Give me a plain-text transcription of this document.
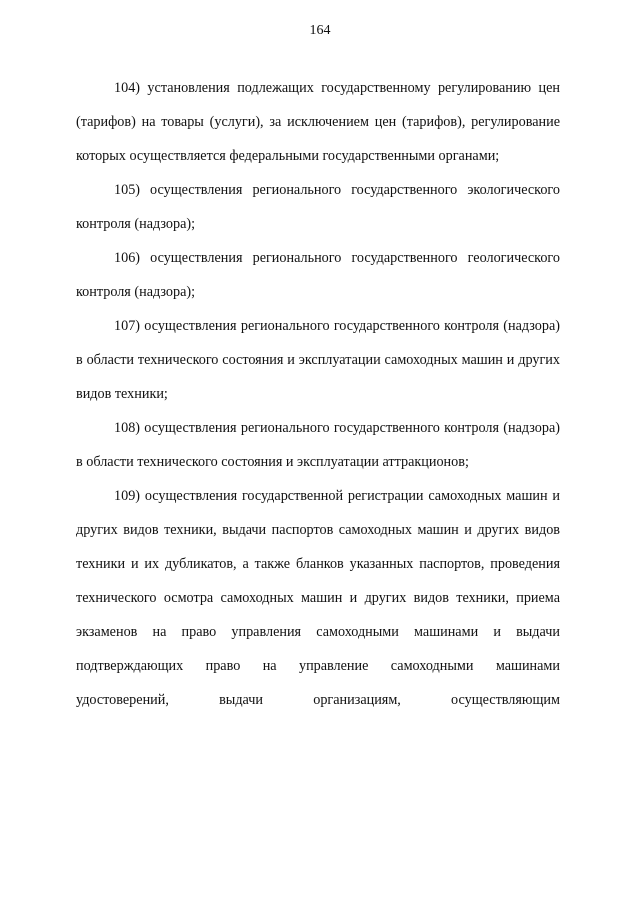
164

104) установления подлежащих государственному регулированию цен (тарифов) на товары (услуги), за исключением цен (тарифов), регулирование которых осуществляется федеральными государственными органами;

105) осуществления регионального государственного экологического контроля (надзора);

106) осуществления регионального государственного геологического контроля (надзора);

107) осуществления регионального государственного контроля (надзора) в области технического состояния и эксплуатации самоходных машин и других видов техники;

108) осуществления регионального государственного контроля (надзора) в области технического состояния и эксплуатации аттракционов;

109) осуществления государственной регистрации самоходных машин и других видов техники, выдачи паспортов самоходных машин и других видов техники и их дубликатов, а также бланков указанных паспортов, проведения технического осмотра самоходных машин и других видов техники, приема экзаменов на право управления самоходными машинами и выдачи подтверждающих право на управление самоходными машинами удостоверений, выдачи организациям, осуществляющим
